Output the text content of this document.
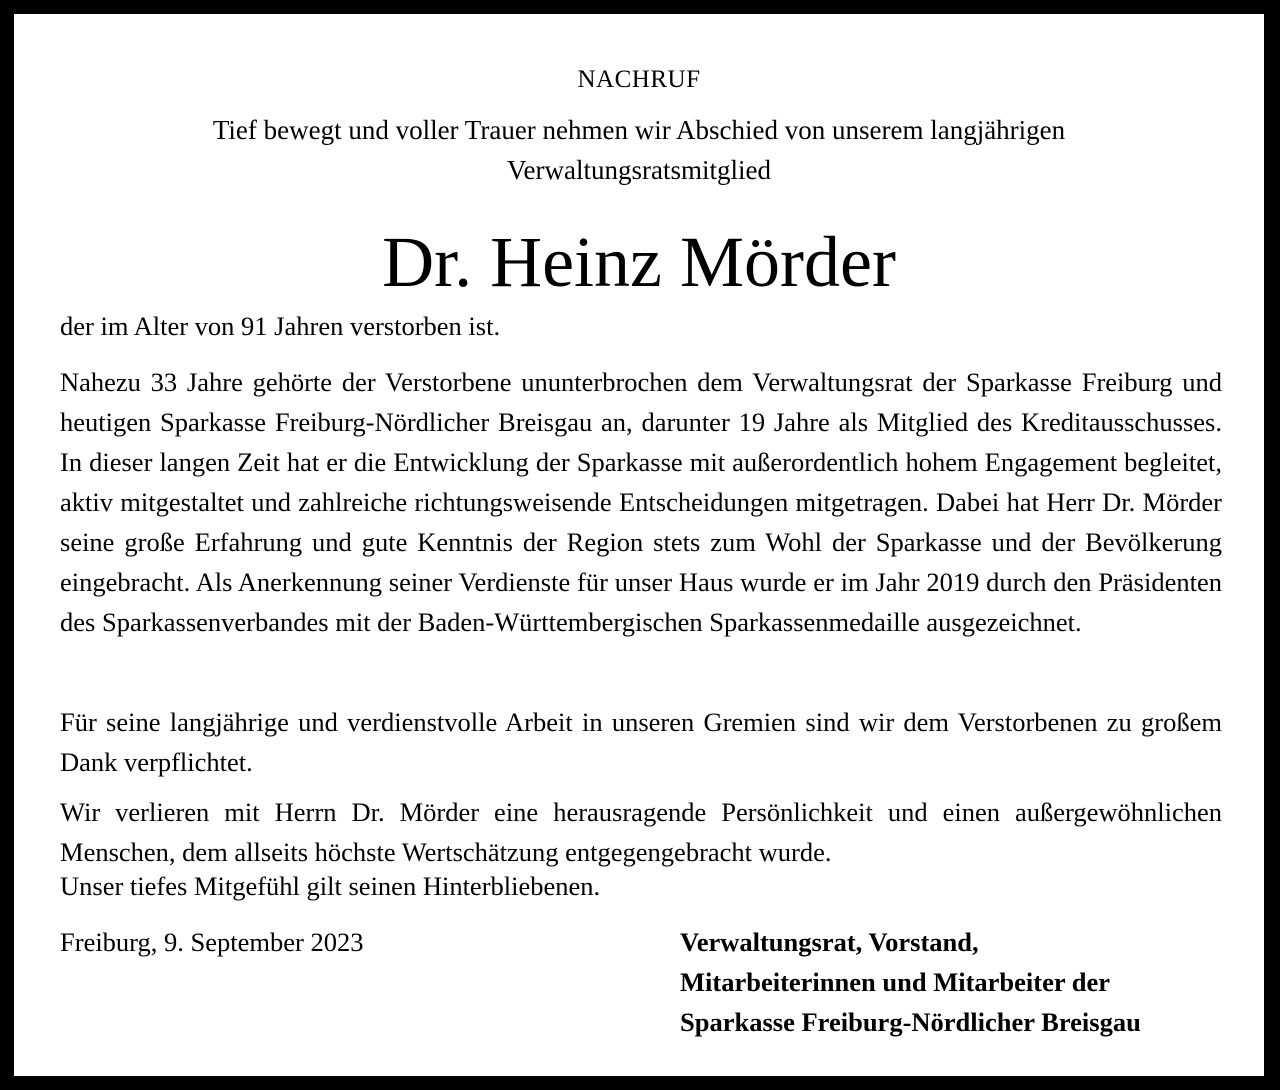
NACHRUF
Tief bewegt und voller Trauer nehmen wir Abschied von unserem langjährigen
Verwaltungsratsmitglied
Dr. Heinz Mörder

der im Alter von 91 Jahren verstorben ist.

Nahezu 33 Jahre gehörte der Verstorbene ununterbrochen dem Verwaltungsrat der Sparkasse Freiburg und heutigen Sparkasse Freiburg-Nördlicher Breisgau an, darunter 19 Jahre als Mitglied des Kreditausschusses. In dieser langen Zeit hat er die Entwicklung der Sparkasse mit außerordentlich hohem Engagement begleitet, aktiv mitgestaltet und zahlreiche richtungsweisende Entscheidungen mitgetragen. Dabei hat Herr Dr. Mörder seine große Erfahrung und gute Kenntnis der Region stets zum Wohl der Sparkasse und der Bevölkerung eingebracht. Als Anerkennung seiner Verdienste für unser Haus wurde er im Jahr 2019 durch den Präsidenten des Sparkassenverbandes mit der Baden-Württembergischen Sparkassenmedaille ausgezeichnet.

Für seine langjährige und verdienstvolle Arbeit in unseren Gremien sind wir dem Verstorbenen zu großem Dank verpflichtet.

Wir verlieren mit Herrn Dr. Mörder eine herausragende Persönlichkeit und einen außergewöhnlichen Menschen, dem allseits höchste Wertschätzung entgegengebracht wurde.

Unser tiefes Mitgefühl gilt seinen Hinterbliebenen.

Freiburg, 9. September 2023	Verwaltungsrat, Vorstand,
Mitarbeiterinnen und Mitarbeiter der
Sparkasse Freiburg-Nördlicher Breisgau
